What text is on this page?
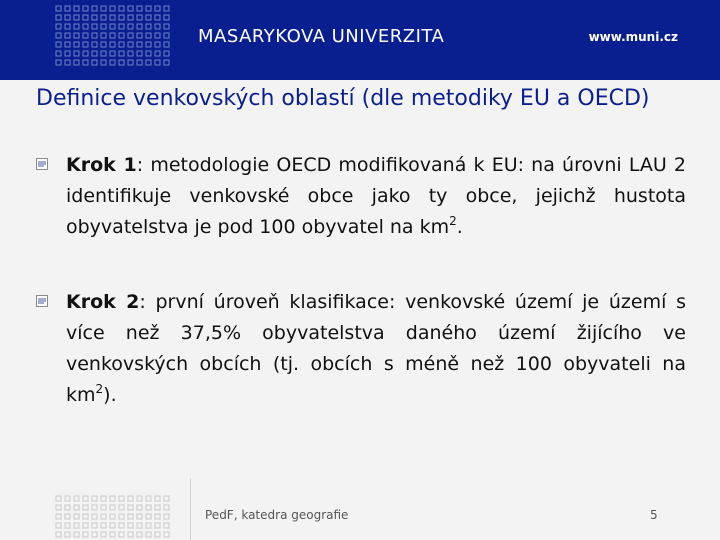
MASARYKOVA UNIVERZITA	www.muni.cz
Definice venkovských oblastí (dle metodiky EU a OECD)
Krok 1: metodologie OECD modifikovaná k EU: na úrovni LAU 2 identifikuje venkovské obce jako ty obce, jejichž hustota obyvatelstva je pod 100 obyvatel na $km^2$.
Krok 2: první úroveň klasifikace: venkovské území je území s více než 37,5% obyvatelstva daného území žijícího ve venkovských obcích (tj. obcích s méně než 100 obyvateli na $km^2$).
PedF, katedra geografie	5
